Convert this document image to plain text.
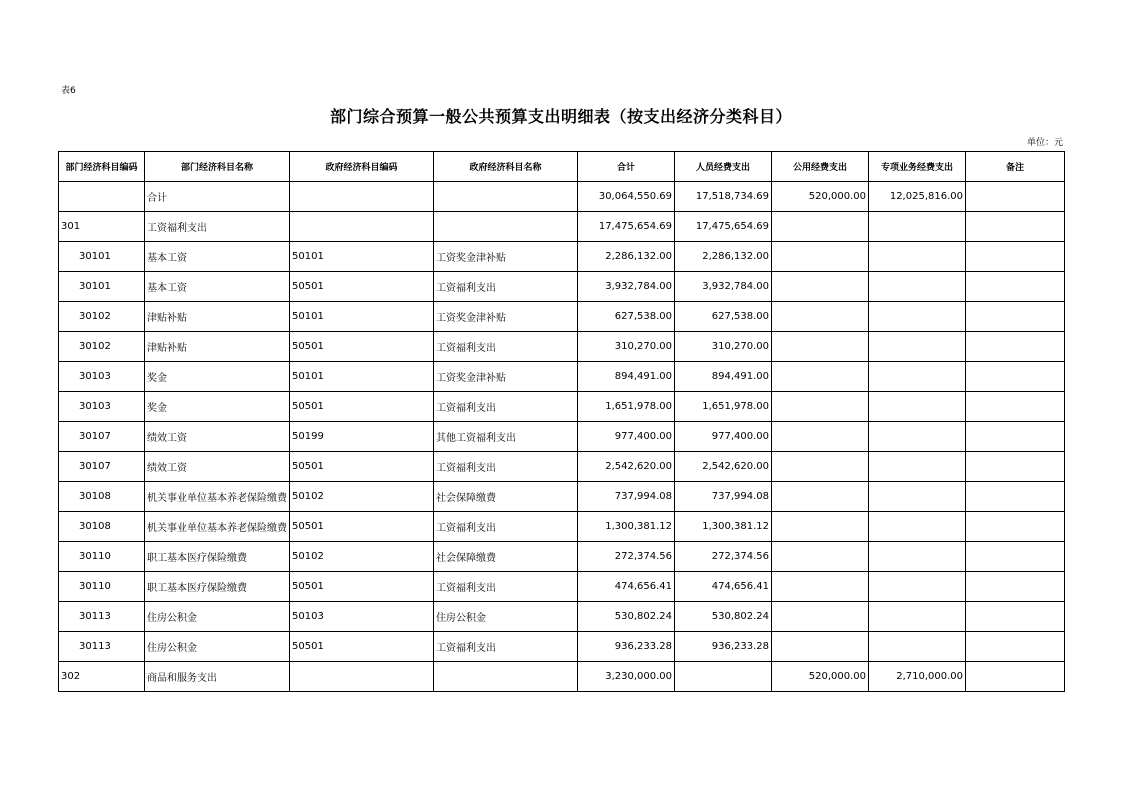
表6
部门综合预算一般公共预算支出明细表（按支出经济分类科目）
单位：元
部门经济科目编码	部门经济科目名称	政府经济科目编码	政府经济科目名称	合计	人员经费支出	公用经费支出	专项业务经费支出	备注
	合计			30,064,550.69	17,518,734.69	520,000.00	12,025,816.00	
301	工资福利支出			17,475,654.69	17,475,654.69			
30101	基本工资	50101	工资奖金津补贴	2,286,132.00	2,286,132.00			
30101	基本工资	50501	工资福利支出	3,932,784.00	3,932,784.00			
30102	津贴补贴	50101	工资奖金津补贴	627,538.00	627,538.00			
30102	津贴补贴	50501	工资福利支出	310,270.00	310,270.00			
30103	奖金	50101	工资奖金津补贴	894,491.00	894,491.00			
30103	奖金	50501	工资福利支出	1,651,978.00	1,651,978.00			
30107	绩效工资	50199	其他工资福利支出	977,400.00	977,400.00			
30107	绩效工资	50501	工资福利支出	2,542,620.00	2,542,620.00			
30108	机关事业单位基本养老保险缴费	50102	社会保障缴费	737,994.08	737,994.08			
30108	机关事业单位基本养老保险缴费	50501	工资福利支出	1,300,381.12	1,300,381.12			
30110	职工基本医疗保险缴费	50102	社会保障缴费	272,374.56	272,374.56			
30110	职工基本医疗保险缴费	50501	工资福利支出	474,656.41	474,656.41			
30113	住房公积金	50103	住房公积金	530,802.24	530,802.24			
30113	住房公积金	50501	工资福利支出	936,233.28	936,233.28			
302	商品和服务支出			3,230,000.00		520,000.00	2,710,000.00	
